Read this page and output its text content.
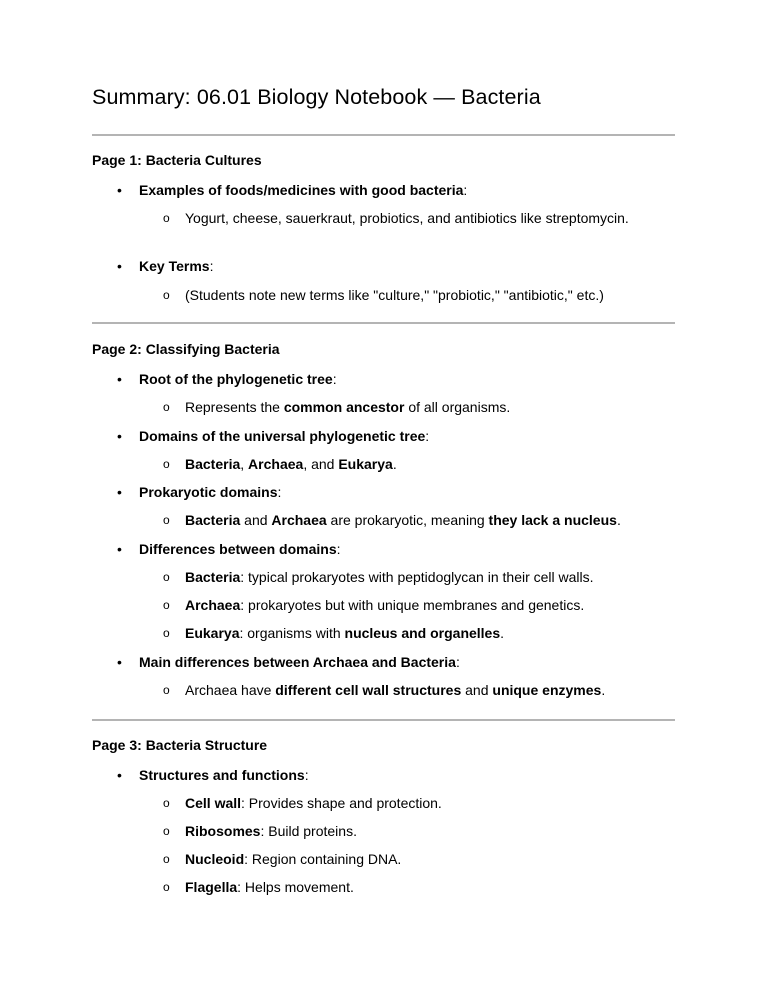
Summary: 06.01 Biology Notebook — Bacteria
Page 1: Bacteria Cultures
• Examples of foods/medicines with good bacteria:
o Yogurt, cheese, sauerkraut, probiotics, and antibiotics like streptomycin.
• Key Terms:
o (Students note new terms like "culture," "probiotic," "antibiotic," etc.)
Page 2: Classifying Bacteria
• Root of the phylogenetic tree:
o Represents the common ancestor of all organisms.
• Domains of the universal phylogenetic tree:
o Bacteria, Archaea, and Eukarya.
• Prokaryotic domains:
o Bacteria and Archaea are prokaryotic, meaning they lack a nucleus.
• Differences between domains:
o Bacteria: typical prokaryotes with peptidoglycan in their cell walls.
o Archaea: prokaryotes but with unique membranes and genetics.
o Eukarya: organisms with nucleus and organelles.
• Main differences between Archaea and Bacteria:
o Archaea have different cell wall structures and unique enzymes.
Page 3: Bacteria Structure
• Structures and functions:
o Cell wall: Provides shape and protection.
o Ribosomes: Build proteins.
o Nucleoid: Region containing DNA.
o Flagella: Helps movement.
